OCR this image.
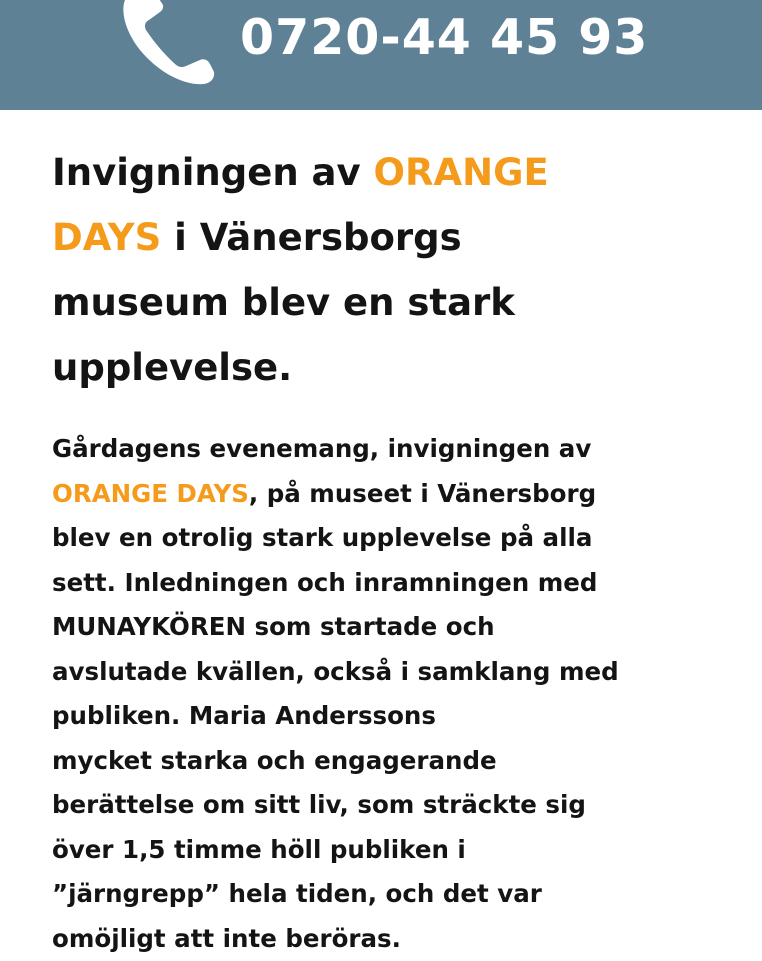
0720-44 45 93
Invigningen av ORANGE
DAYS i Vänersborgs
museum blev en stark
upplevelse.

Gårdagens evenemang, invigningen av
ORANGE DAYS, på museet i Vänersborg
blev en otrolig stark upplevelse på alla
sett. Inledningen och inramningen med
MUNAYKÖREN som startade och
avslutade kvällen, också i samklang med
publiken. Maria Anderssons
mycket starka och engagerande
berättelse om sitt liv, som sträckte sig
över 1,5 timme höll publiken i
”järngrepp” hela tiden, och det var
omöjligt att inte beröras.
